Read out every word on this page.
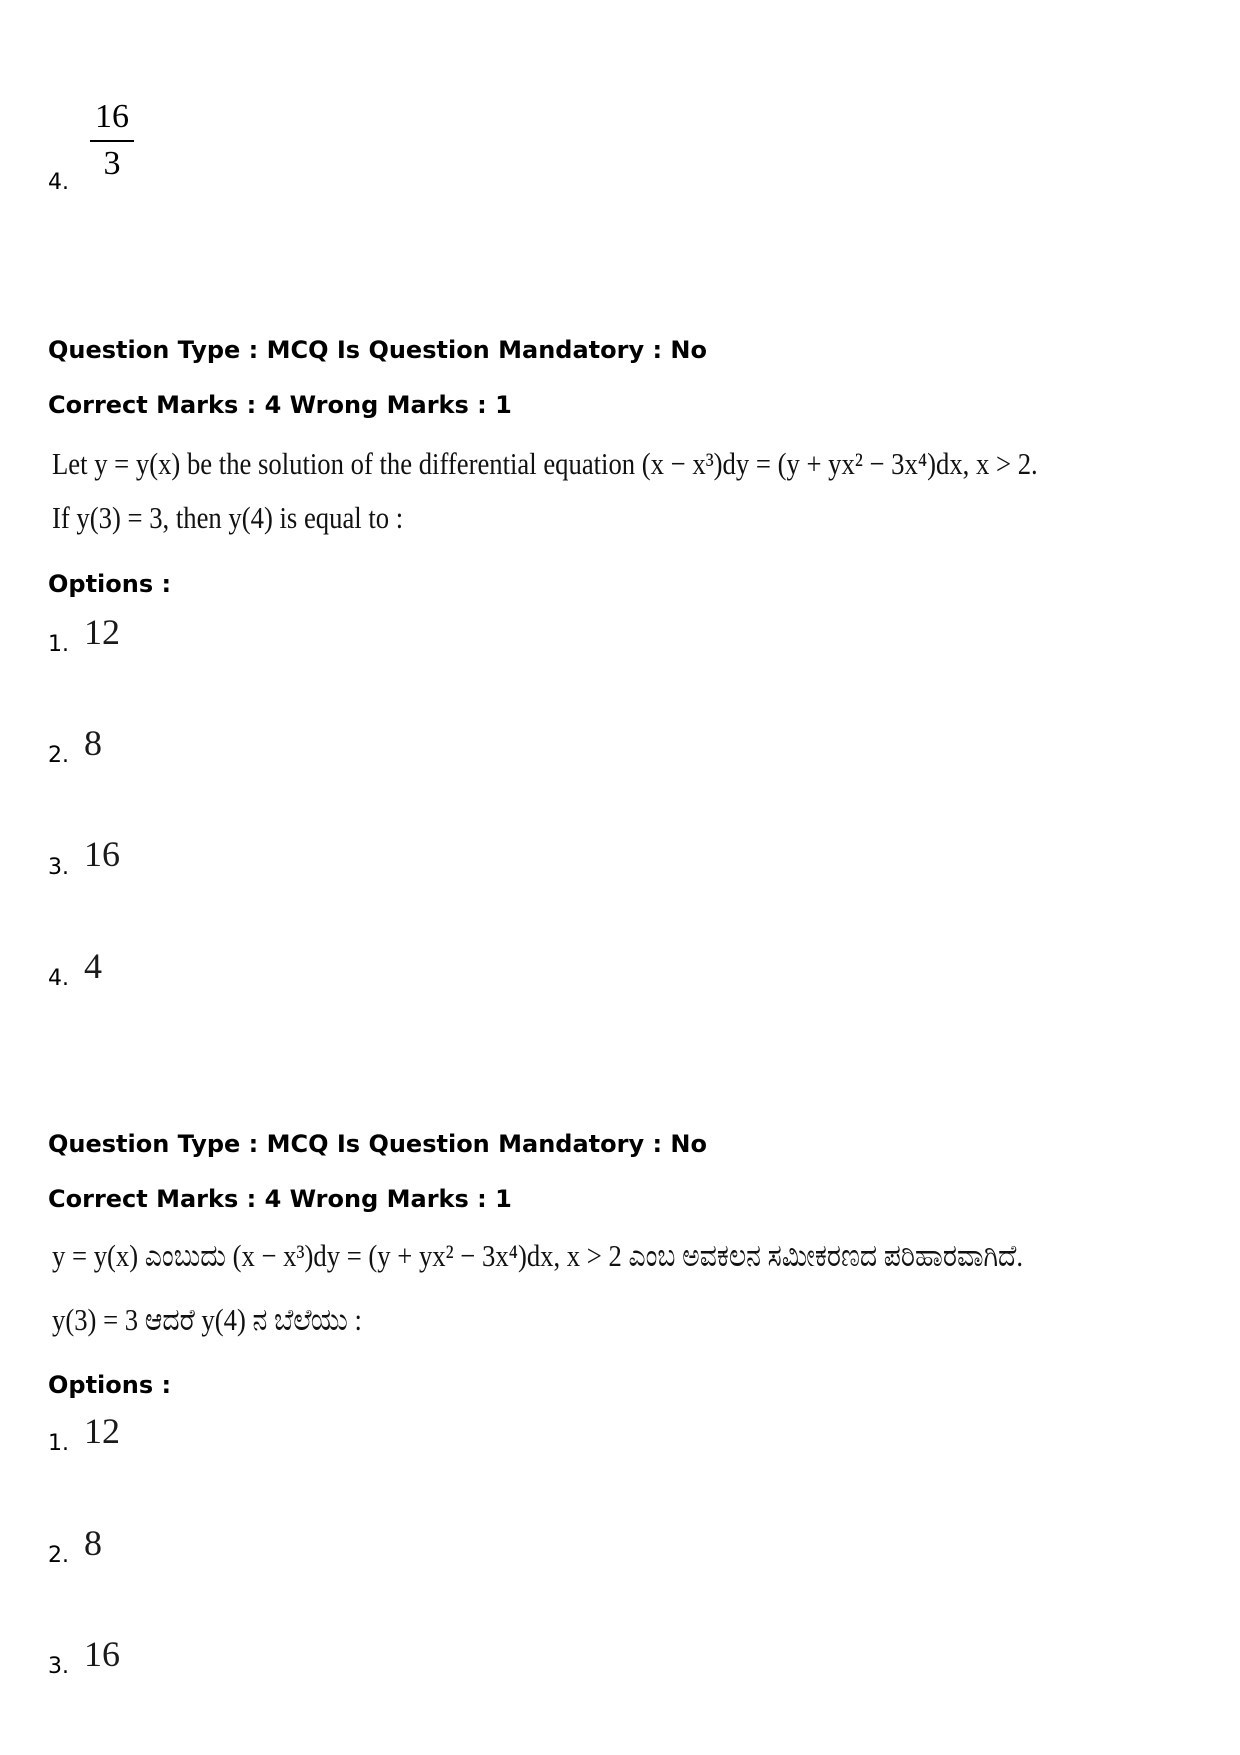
16
3
4.
Question Type : MCQ Is Question Mandatory : No
Correct Marks : 4 Wrong Marks : 1
Let y = y(x) be the solution of the differential equation (x − x³)dy = (y + yx² − 3x⁴)dx, x > 2.
If y(3) = 3, then y(4) is equal to :
Options :
1. 12
2. 8
3. 16
4. 4
Question Type : MCQ Is Question Mandatory : No
Correct Marks : 4 Wrong Marks : 1
y = y(x) ಎಂಬುದು (x − x³)dy = (y + yx² − 3x⁴)dx, x > 2 ಎಂಬ ಅವಕಲನ ಸಮೀಕರಣದ ಪರಿಹಾರವಾಗಿದೆ.
y(3) = 3 ಆದರೆ y(4) ನ ಬೆಲೆಯು :
Options :
1. 12
2. 8
3. 16
